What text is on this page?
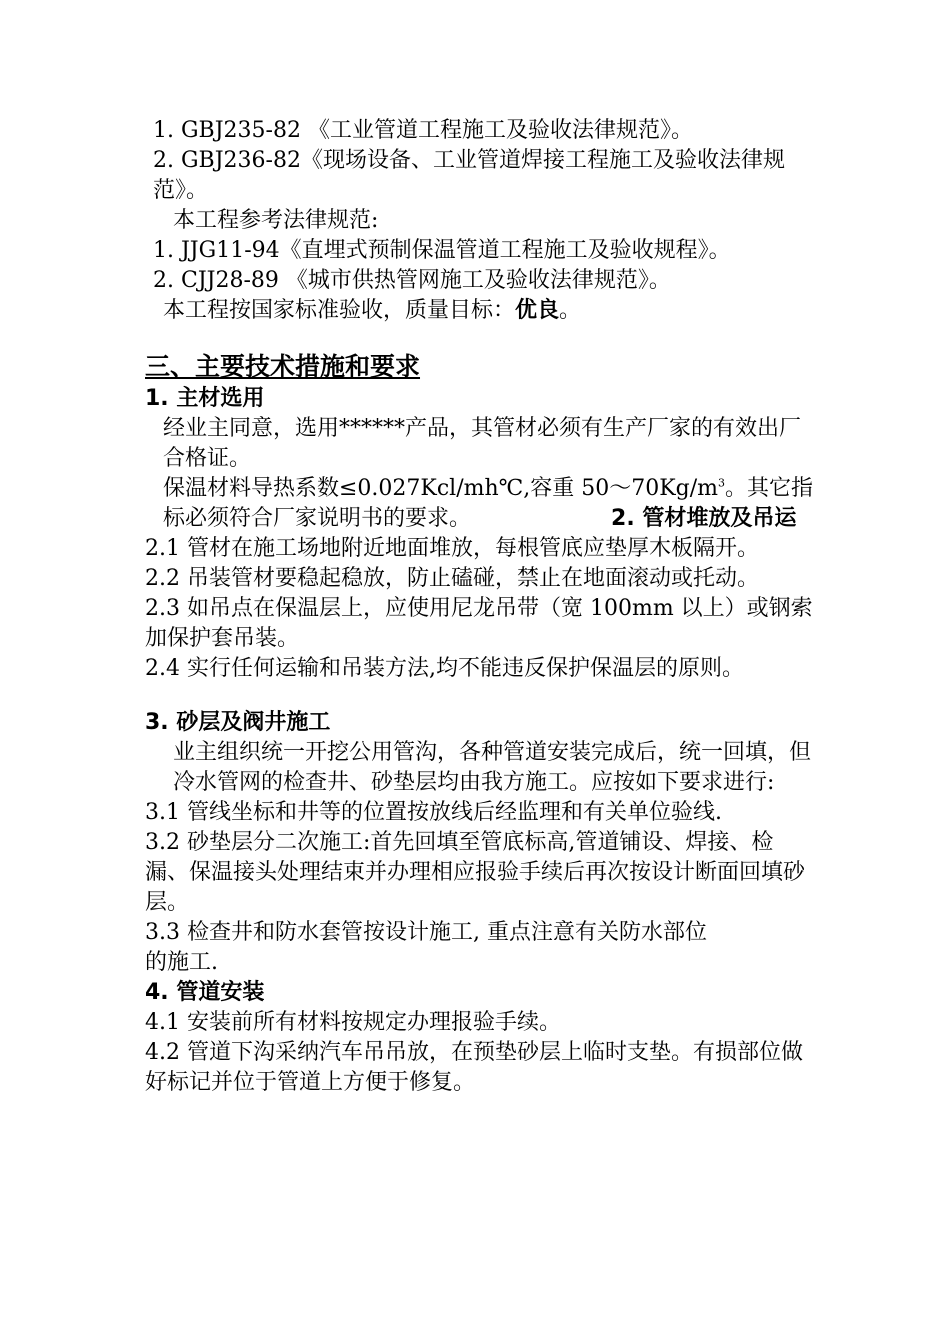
1. GBJ235-82 《工业管道工程施工及验收法律规范》。

2. GBJ236-82《现场设备、工业管道焊接工程施工及验收法律规范》。

本工程参考法律规范:

1. JJG11-94《直埋式预制保温管道工程施工及验收规程》。

2. CJJ28-89 《城市供热管网施工及验收法律规范》。

本工程按国家标准验收，质量目标：优良。

三、主要技术措施和要求

1. 主材选用

经业主同意，选用******产品，其管材必须有生产厂家的有效出厂合格证。

保温材料导热系数≤0.027Kcl/mh℃,容重 $50\sim 70Kg/m^3$。其它指标必须符合厂家说明书的要求。	2. 管材堆放及吊运

2.1 管材在施工场地附近地面堆放，每根管底应垫厚木板隔开。

2.2 吊装管材要稳起稳放，防止磕碰，禁止在地面滚动或托动。

2.3 如吊点在保温层上，应使用尼龙吊带（宽 100mm 以上）或钢索加保护套吊装。

2.4 实行任何运输和吊装方法,均不能违反保护保温层的原则。

3. 砂层及阀井施工

业主组织统一开挖公用管沟，各种管道安装完成后，统一回填，但冷水管网的检查井、砂垫层均由我方施工。应按如下要求进行:

3.1 管线坐标和井等的位置按放线后经监理和有关单位验线.

3.2 砂垫层分二次施工:首先回填至管底标高,管道铺设、焊接、检漏、保温接头处理结束并办理相应报验手续后再次按设计断面回填砂层。

3.3 检查井和防水套管按设计施工, 重点注意有关防水部位

的施工.

4. 管道安装

4.1 安装前所有材料按规定办理报验手续。

4.2 管道下沟采纳汽车吊吊放，在预垫砂层上临时支垫。有损部位做好标记并位于管道上方便于修复。
